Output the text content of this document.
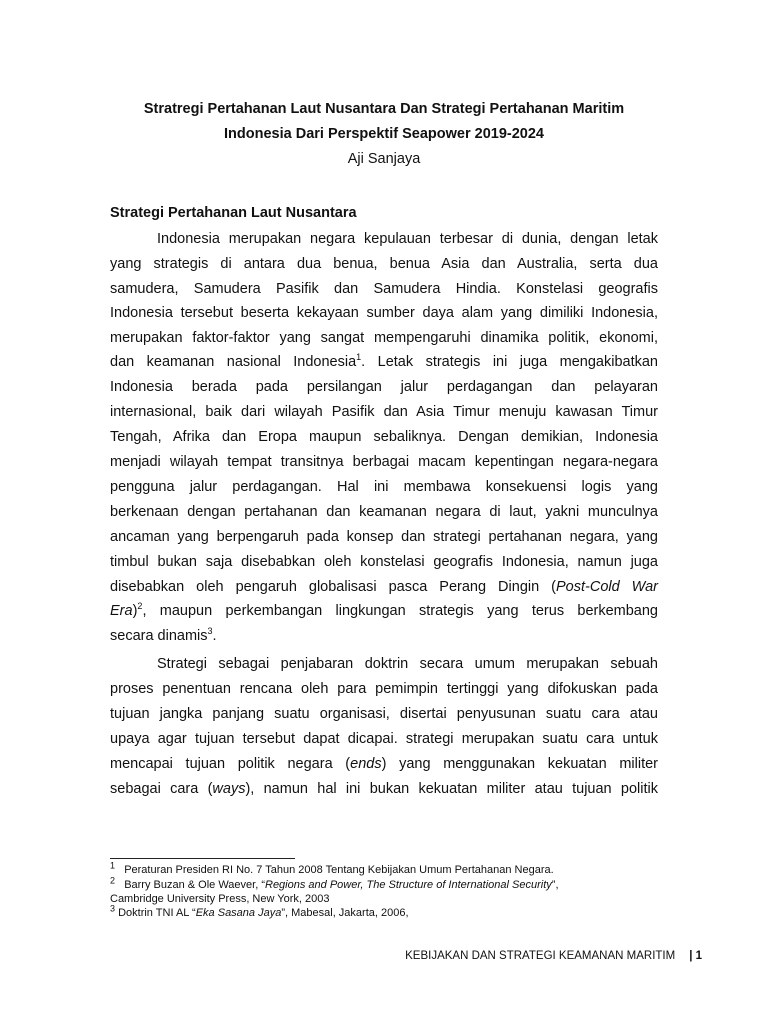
Stratregi Pertahanan Laut Nusantara Dan Strategi Pertahanan Maritim
Indonesia Dari Perspektif Seapower 2019-2024
Aji Sanjaya
Strategi Pertahanan Laut Nusantara
Indonesia merupakan negara kepulauan terbesar di dunia, dengan letak
yang strategis di antara dua benua, benua Asia dan Australia, serta dua
samudera, Samudera Pasifik dan Samudera Hindia. Konstelasi geografis
Indonesia tersebut beserta kekayaan sumber daya alam yang dimiliki Indonesia,
merupakan faktor-faktor yang sangat mempengaruhi dinamika politik, ekonomi,
dan keamanan nasional Indonesia$^1$. Letak strategis ini juga mengakibatkan
Indonesia berada pada persilangan jalur perdagangan dan pelayaran
internasional, baik dari wilayah Pasifik dan Asia Timur menuju kawasan Timur
Tengah, Afrika dan Eropa maupun sebaliknya. Dengan demikian, Indonesia
menjadi wilayah tempat transitnya berbagai macam kepentingan negara-negara
pengguna jalur perdagangan. Hal ini membawa konsekuensi logis yang
berkenaan dengan pertahanan dan keamanan negara di laut, yakni munculnya
ancaman yang berpengaruh pada konsep dan strategi pertahanan negara, yang
timbul bukan saja disebabkan oleh konstelasi geografis Indonesia, namun juga
disebabkan oleh pengaruh globalisasi pasca Perang Dingin (Post-Cold War
Era)$^2$, maupun perkembangan lingkungan strategis yang terus berkembang
secara dinamis$^3$.
Strategi sebagai penjabaran doktrin secara umum merupakan sebuah
proses penentuan rencana oleh para pemimpin tertinggi yang difokuskan pada
tujuan jangka panjang suatu organisasi, disertai penyusunan suatu cara atau
upaya agar tujuan tersebut dapat dicapai. strategi merupakan suatu cara untuk
mencapai tujuan politik negara (ends) yang menggunakan kekuatan militer
sebagai cara (ways), namun hal ini bukan kekuatan militer atau tujuan politik
$^1$ Peraturan Presiden RI No. 7 Tahun 2008 Tentang Kebijakan Umum Pertahanan Negara.
$^2$ Barry Buzan & Ole Waever, “Regions and Power, The Structure of International Security”,
Cambridge University Press, New York, 2003
$^3$ Doktrin TNI AL “Eka Sasana Jaya”, Mabesal, Jakarta, 2006,
KEBIJAKAN DAN STRATEGI KEAMANAN MARITIM | 1
